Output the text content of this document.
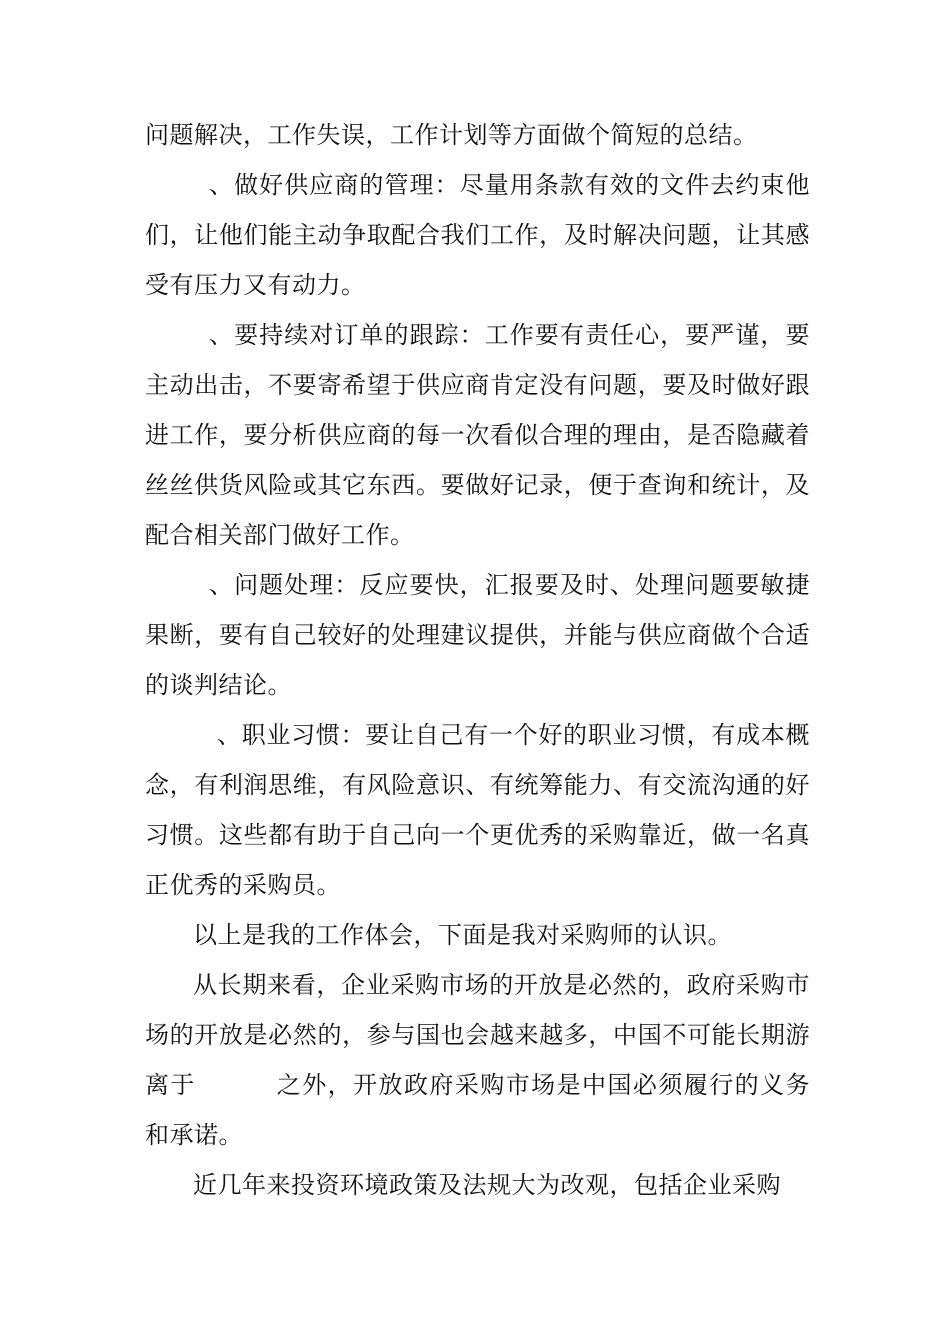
问题解决，工作失误，工作计划等方面做个简短的总结。

、做好供应商的管理：尽量用条款有效的文件去约束他们，让他们能主动争取配合我们工作，及时解决问题，让其感受有压力又有动力。

、要持续对订单的跟踪：工作要有责任心，要严谨，要主动出击，不要寄希望于供应商肯定没有问题，要及时做好跟进工作，要分析供应商的每一次看似合理的理由，是否隐藏着丝丝供货风险或其它东西。要做好记录，便于查询和统计，及配合相关部门做好工作。

、问题处理：反应要快，汇报要及时、处理问题要敏捷果断，要有自己较好的处理建议提供，并能与供应商做个合适的谈判结论。

、职业习惯：要让自己有一个好的职业习惯，有成本概念，有利润思维，有风险意识、有统筹能力、有交流沟通的好习惯。这些都有助于自己向一个更优秀的采购靠近，做一名真正优秀的采购员。

以上是我的工作体会，下面是我对采购师的认识。

从长期来看，企业采购市场的开放是必然的，政府采购市场的开放是必然的，参与国也会越来越多，中国不可能长期游离于	之外，开放政府采购市场是中国必须履行的义务和承诺。

近几年来投资环境政策及法规大为改观，包括企业采购
